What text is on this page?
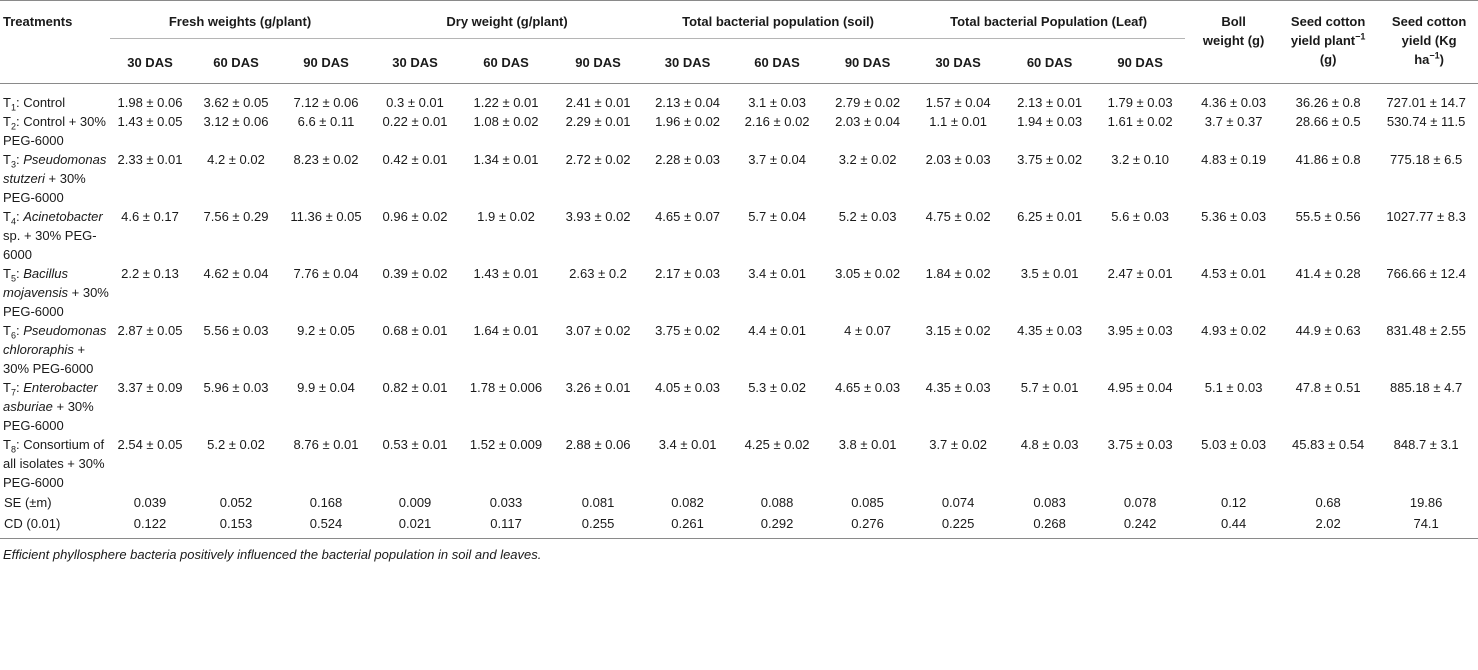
Treatments	Fresh weights (g/plant)			Dry weight (g/plant)			Total bacterial population (soil)			Total bacterial Population (Leaf)			Boll weight (g)	Seed cotton yield plant$^{-1}$ (g)	Seed cotton yield (Kg $ha^{-1}$)
	30 DAS	60 DAS	90 DAS	30 DAS	60 DAS	90 DAS	30 DAS	60 DAS	90 DAS	30 DAS	60 DAS	90 DAS			
$T_1$: Control	1.98 ± 0.06	3.62 ± 0.05	7.12 ± 0.06	0.3 ± 0.01	1.22 ± 0.01	2.41 ± 0.01	2.13 ± 0.04	3.1 ± 0.03	2.79 ± 0.02	1.57 ± 0.04	2.13 ± 0.01	1.79 ± 0.03	4.36 ± 0.03	36.26 ± 0.8	727.01 ± 14.7
$T_2$: Control + 30% PEG-6000	1.43 ± 0.05	3.12 ± 0.06	6.6 ± 0.11	0.22 ± 0.01	1.08 ± 0.02	2.29 ± 0.01	1.96 ± 0.02	2.16 ± 0.02	2.03 ± 0.04	1.1 ± 0.01	1.94 ± 0.03	1.61 ± 0.02	3.7 ± 0.37	28.66 ± 0.5	530.74 ± 11.5
$T_3$: Pseudomonas stutzeri + 30% PEG-6000	2.33 ± 0.01	4.2 ± 0.02	8.23 ± 0.02	0.42 ± 0.01	1.34 ± 0.01	2.72 ± 0.02	2.28 ± 0.03	3.7 ± 0.04	3.2 ± 0.02	2.03 ± 0.03	3.75 ± 0.02	3.2 ± 0.10	4.83 ± 0.19	41.86 ± 0.8	775.18 ± 6.5
$T_4$: Acinetobacter sp. + 30% PEG-6000	4.6 ± 0.17	7.56 ± 0.29	11.36 ± 0.05	0.96 ± 0.02	1.9 ± 0.02	3.93 ± 0.02	4.65 ± 0.07	5.7 ± 0.04	5.2 ± 0.03	4.75 ± 0.02	6.25 ± 0.01	5.6 ± 0.03	5.36 ± 0.03	55.5 ± 0.56	1027.77 ± 8.3
$T_5$: Bacillus mojavensis + 30% PEG-6000	2.2 ± 0.13	4.62 ± 0.04	7.76 ± 0.04	0.39 ± 0.02	1.43 ± 0.01	2.63 ± 0.2	2.17 ± 0.03	3.4 ± 0.01	3.05 ± 0.02	1.84 ± 0.02	3.5 ± 0.01	2.47 ± 0.01	4.53 ± 0.01	41.4 ± 0.28	766.66 ± 12.4
$T_6$: Pseudomonas chlororaphis + 30% PEG-6000	2.87 ± 0.05	5.56 ± 0.03	9.2 ± 0.05	0.68 ± 0.01	1.64 ± 0.01	3.07 ± 0.02	3.75 ± 0.02	4.4 ± 0.01	4 ± 0.07	3.15 ± 0.02	4.35 ± 0.03	3.95 ± 0.03	4.93 ± 0.02	44.9 ± 0.63	831.48 ± 2.55
$T_7$: Enterobacter asburiae + 30% PEG-6000	3.37 ± 0.09	5.96 ± 0.03	9.9 ± 0.04	0.82 ± 0.01	1.78 ± 0.006	3.26 ± 0.01	4.05 ± 0.03	5.3 ± 0.02	4.65 ± 0.03	4.35 ± 0.03	5.7 ± 0.01	4.95 ± 0.04	5.1 ± 0.03	47.8 ± 0.51	885.18 ± 4.7
$T_8$: Consortium of all isolates + 30% PEG-6000	2.54 ± 0.05	5.2 ± 0.02	8.76 ± 0.01	0.53 ± 0.01	1.52 ± 0.009	2.88 ± 0.06	3.4 ± 0.01	4.25 ± 0.02	3.8 ± 0.01	3.7 ± 0.02	4.8 ± 0.03	3.75 ± 0.03	5.03 ± 0.03	45.83 ± 0.54	848.7 ± 3.1
SE (±m)	0.039	0.052	0.168	0.009	0.033	0.081	0.082	0.088	0.085	0.074	0.083	0.078	0.12	0.68	19.86
CD (0.01)	0.122	0.153	0.524	0.021	0.117	0.255	0.261	0.292	0.276	0.225	0.268	0.242	0.44	2.02	74.1
Efficient phyllosphere bacteria positively influenced the bacterial population in soil and leaves.
